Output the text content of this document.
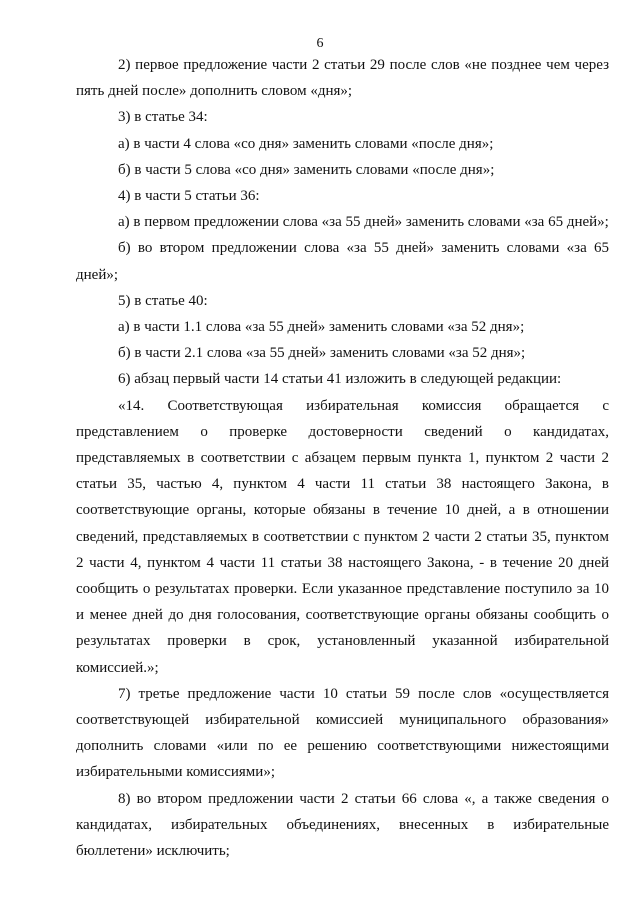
6

2) первое предложение части 2 статьи 29 после слов «не позднее чем через пять дней после» дополнить словом «дня»;

3) в статье 34:

а) в части 4 слова «со дня» заменить словами «после дня»;

б) в части 5 слова «со дня» заменить словами «после дня»;

4) в части 5 статьи 36:

а) в первом предложении слова «за 55 дней» заменить словами «за 65 дней»;

б) во втором предложении слова «за 55 дней» заменить словами «за 65 дней»;

5) в статье 40:

а) в части 1.1 слова «за 55 дней» заменить словами «за 52 дня»;

б) в части 2.1 слова «за 55 дней» заменить словами «за 52 дня»;

6) абзац первый части 14 статьи 41 изложить в следующей редакции:

«14. Соответствующая избирательная комиссия обращается с представлением о проверке достоверности сведений о кандидатах, представляемых в соответствии с абзацем первым пункта 1, пунктом 2 части 2 статьи 35, частью 4, пунктом 4 части 11 статьи 38 настоящего Закона, в соответствующие органы, которые обязаны в течение 10 дней, а в отношении сведений, представляемых в соответствии с пунктом 2 части 2 статьи 35, пунктом 2 части 4, пунктом 4 части 11 статьи 38 настоящего Закона, - в течение 20 дней сообщить о результатах проверки. Если указанное представление поступило за 10 и менее дней до дня голосования, соответствующие органы обязаны сообщить о результатах проверки в срок, установленный указанной избирательной комиссией.»;

7) третье предложение части 10 статьи 59 после слов «осуществляется соответствующей избирательной комиссией муниципального образования» дополнить словами «или по ее решению соответствующими нижестоящими избирательными комиссиями»;

8) во втором предложении части 2 статьи 66 слова «, а также сведения о кандидатах, избирательных объединениях, внесенных в избирательные бюллетени» исключить;
